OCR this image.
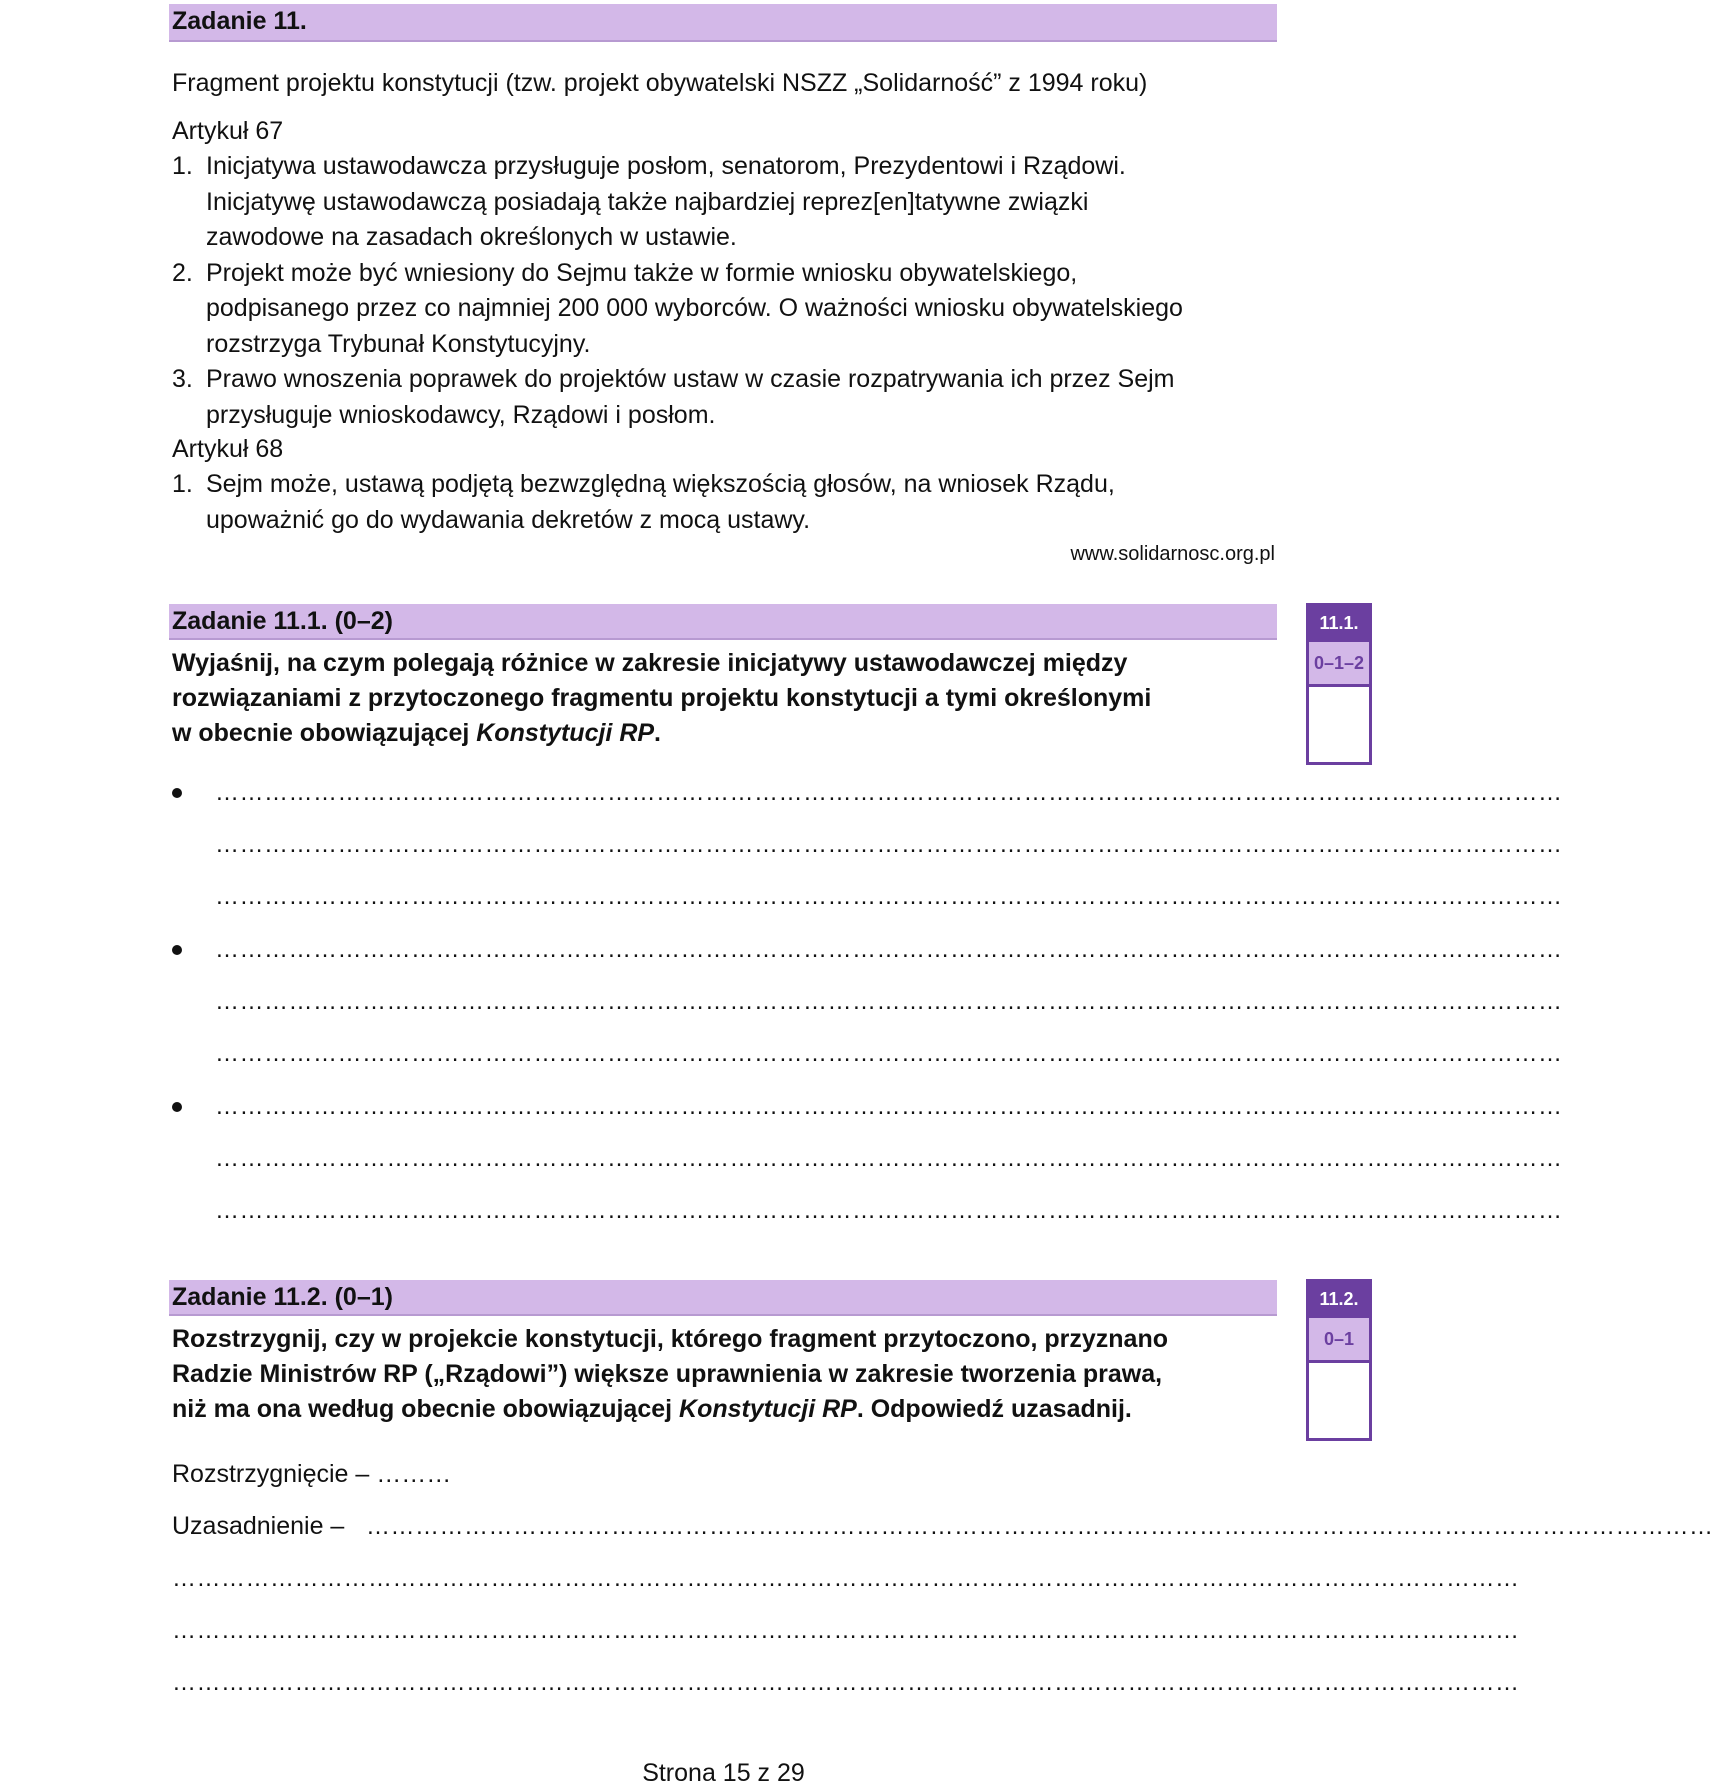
Zadanie 11.
Fragment projektu konstytucji (tzw. projekt obywatelski NSZZ „Solidarność” z 1994 roku)
Artykuł 67
1. Inicjatywa ustawodawcza przysługuje posłom, senatorom, Prezydentowi i Rządowi.
Inicjatywę ustawodawczą posiadają także najbardziej reprez[en]tatywne związki
zawodowe na zasadach określonych w ustawie.
2. Projekt może być wniesiony do Sejmu także w formie wniosku obywatelskiego,
podpisanego przez co najmniej 200 000 wyborców. O ważności wniosku obywatelskiego
rozstrzyga Trybunał Konstytucyjny.
3. Prawo wnoszenia poprawek do projektów ustaw w czasie rozpatrywania ich przez Sejm
przysługuje wnioskodawcy, Rządowi i posłom.
Artykuł 68
1. Sejm może, ustawą podjętą bezwzględną większością głosów, na wniosek Rządu,
upoważnić go do wydawania dekretów z mocą ustawy.
www.solidarnosc.org.pl
Zadanie 11.1. (0–2)	11.1.
0–1–2
Wyjaśnij, na czym polegają różnice w zakresie inicjatywy ustawodawczej między
rozwiązaniami z przytoczonego fragmentu projektu konstytucji a tymi określonymi
w obecnie obowiązującej Konstytucji RP.
…………………………………………………………………………………………………………………………………………………
…………………………………………………………………………………………………………………………………………………
…………………………………………………………………………………………………………………………………………………
…………………………………………………………………………………………………………………………………………………
…………………………………………………………………………………………………………………………………………………
…………………………………………………………………………………………………………………………………………………
…………………………………………………………………………………………………………………………………………………
…………………………………………………………………………………………………………………………………………………
…………………………………………………………………………………………………………………………………………………
Zadanie 11.2. (0–1)	11.2.
0–1
Rozstrzygnij, czy w projekcie konstytucji, którego fragment przytoczono, przyznano
Radzie Ministrów RP („Rządowi”) większe uprawnienia w zakresie tworzenia prawa,
niż ma ona według obecnie obowiązującej Konstytucji RP. Odpowiedź uzasadnij.
Rozstrzygnięcie – ………
Uzasadnienie – …………………………………………………………………………………………………………………………………………………
…………………………………………………………………………………………………………………………………………………
…………………………………………………………………………………………………………………………………………………
…………………………………………………………………………………………………………………………………………………
Strona 15 z 29
